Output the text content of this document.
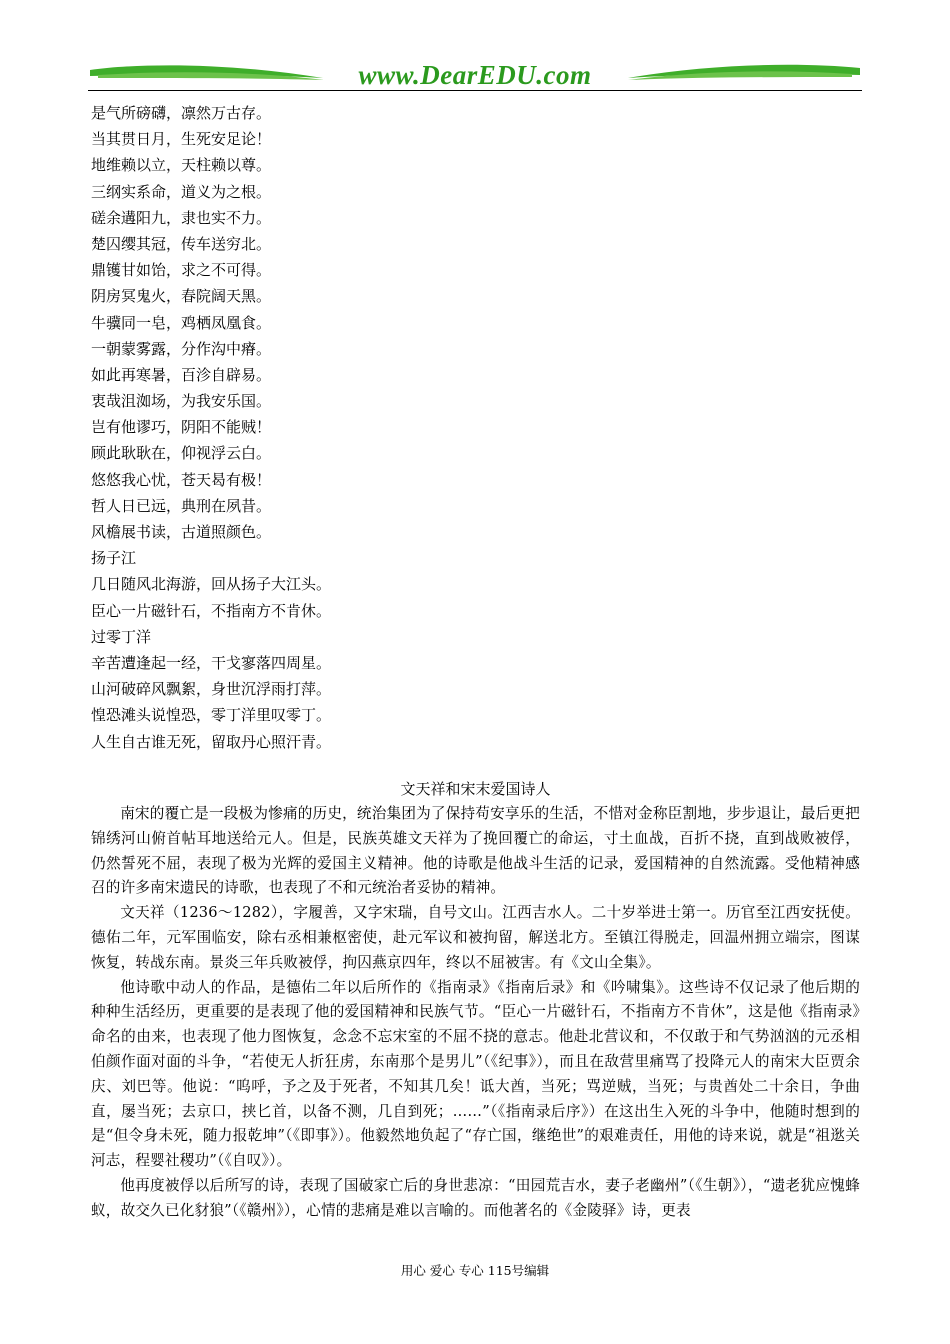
www.DearEDU.com
是气所磅礴，凛然万古存。
当其贯日月，生死安足论！
地维赖以立，天柱赖以尊。
三纲实系命，道义为之根。
磋余遘阳九，隶也实不力。
楚囚缨其冠，传车送穷北。
鼎镬甘如饴，求之不可得。
阴房冥鬼火，春院阔天黑。
牛骥同一皂，鸡栖凤凰食。
一朝蒙雾露，分作沟中瘠。
如此再寒暑，百沴自辟易。
衷哉沮洳场，为我安乐国。
岂有他谬巧，阴阳不能贼！
顾此耿耿在，仰视浮云白。
悠悠我心忧，苍天曷有极！
哲人日已远，典刑在夙昔。
风檐展书读，古道照颜色。
扬子江
几日随风北海游，回从扬子大江头。
臣心一片磁针石，不指南方不肯休。
过零丁洋
辛苦遭逢起一经，干戈寥落四周星。
山河破碎风飘絮，身世沉浮雨打萍。
惶恐滩头说惶恐，零丁洋里叹零丁。
人生自古谁无死，留取丹心照汗青。
文天祥和宋末爱国诗人

南宋的覆亡是一段极为惨痛的历史，统治集团为了保持苟安享乐的生活，不惜对金称臣割地，步步退让，最后更把锦绣河山俯首帖耳地送给元人。但是，民族英雄文天祥为了挽回覆亡的命运，寸土血战，百折不挠，直到战败被俘，仍然誓死不屈，表现了极为光辉的爱国主义精神。他的诗歌是他战斗生活的记录，爱国精神的自然流露。受他精神感召的许多南宋遗民的诗歌，也表现了不和元统治者妥协的精神。

文天祥（1236～1282），字履善，又字宋瑞，自号文山。江西吉水人。二十岁举进士第一。历官至江西安抚使。德佑二年，元军围临安，除右丞相兼枢密使，赴元军议和被拘留，解送北方。至镇江得脱走，回温州拥立端宗，图谋恢复，转战东南。景炎三年兵败被俘，拘囚燕京四年，终以不屈被害。有《文山全集》。

他诗歌中动人的作品，是德佑二年以后所作的《指南录》《指南后录》和《吟啸集》。这些诗不仅记录了他后期的种种生活经历，更重要的是表现了他的爱国精神和民族气节。“臣心一片磁针石，不指南方不肯休”，这是他《指南录》命名的由来，也表现了他力图恢复，念念不忘宋室的不屈不挠的意志。他赴北营议和，不仅敢于和气势汹汹的元丞相伯颜作面对面的斗争，“若使无人折狂虏，东南那个是男儿”（《纪事》），而且在敌营里痛骂了投降元人的南宋大臣贾余庆、刘巴等。他说：“呜呼，予之及于死者，不知其几矣！诋大酋，当死；骂逆贼，当死；与贵酋处二十余日，争曲直，屡当死；去京口，挟匕首，以备不测，几自到死；……”（《指南录后序》）在这出生入死的斗争中，他随时想到的是“但令身未死，随力报乾坤”（《即事》）。他毅然地负起了“存亡国，继绝世”的艰难责任，用他的诗来说，就是“祖逖关河志，程婴社稷功”（《自叹》）。

他再度被俘以后所写的诗，表现了国破家亡后的身世悲凉：“田园荒吉水，妻子老幽州”（《生朝》），“遗老犹应愧蜂蚁，故交久已化豺狼”（《赣州》），心情的悲痛是难以言喻的。而他著名的《金陵驿》诗，更表

用心 爱心 专心 115号编辑
